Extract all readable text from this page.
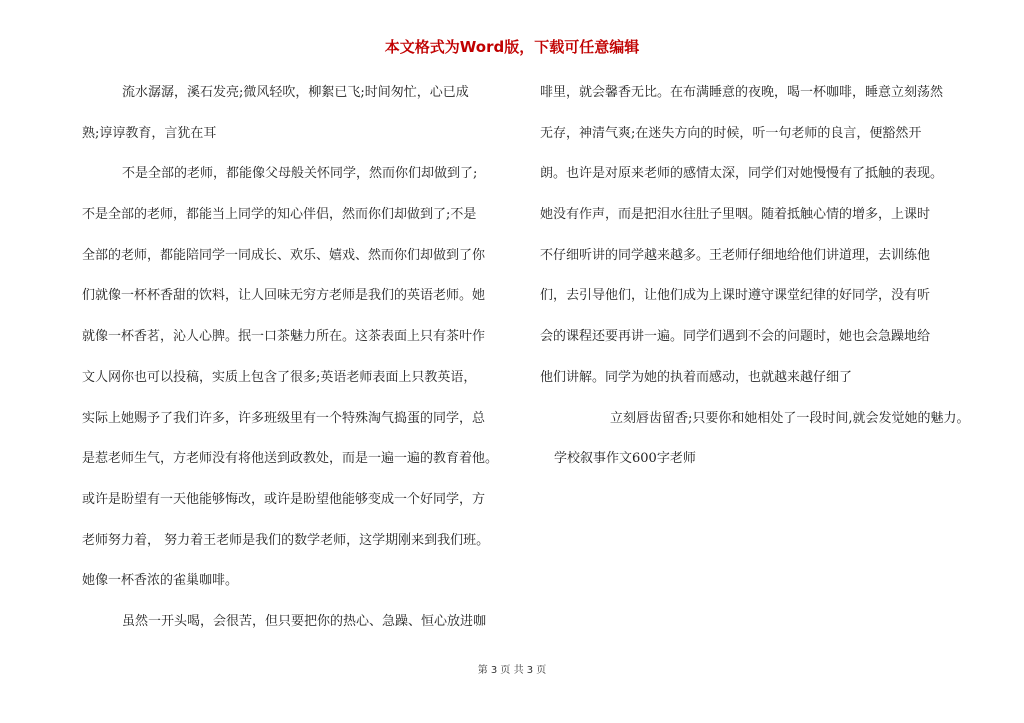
本文格式为Word版，下载可任意编辑
流水潺潺，溪石发亮;微风轻吹，柳絮已飞;时间匆忙，心已成
熟;谆谆教育，言犹在耳
不是全部的老师，都能像父母般关怀同学，然而你们却做到了;
不是全部的老师，都能当上同学的知心伴侣，然而你们却做到了;不是
全部的老师，都能陪同学一同成长、欢乐、嬉戏、然而你们却做到了你
们就像一杯杯香甜的饮料，让人回味无穷方老师是我们的英语老师。她
就像一杯香茗，沁人心脾。抿一口茶魅力所在。这茶表面上只有茶叶作
文人网你也可以投稿，实质上包含了很多;英语老师表面上只教英语，
实际上她赐予了我们许多，许多班级里有一个特殊淘气捣蛋的同学，总
是惹老师生气，方老师没有将他送到政教处，而是一遍一遍的教育着他。
或许是盼望有一天他能够悔改，或许是盼望他能够变成一个好同学，方
老师努力着， 努力着王老师是我们的数学老师，这学期刚来到我们班。
她像一杯香浓的雀巢咖啡。
虽然一开头喝，会很苦，但只要把你的热心、急躁、恒心放进咖
啡里，就会馨香无比。在布满睡意的夜晚，喝一杯咖啡，睡意立刻荡然
无存，神清气爽;在迷失方向的时候，听一句老师的良言，便豁然开
朗。也许是对原来老师的感情太深，同学们对她慢慢有了抵触的表现。
她没有作声，而是把泪水往肚子里咽。随着抵触心情的增多，上课时
不仔细听讲的同学越来越多。王老师仔细地给他们讲道理，去训练他
们，去引导他们，让他们成为上课时遵守课堂纪律的好同学，没有听
会的课程还要再讲一遍。同学们遇到不会的问题时，她也会急躁地给
他们讲解。同学为她的执着而感动，也就越来越仔细了
立刻唇齿留香;只要你和她相处了一段时间,就会发觉她的魅力。
学校叙事作文600字老师
第 3 页 共 3 页
